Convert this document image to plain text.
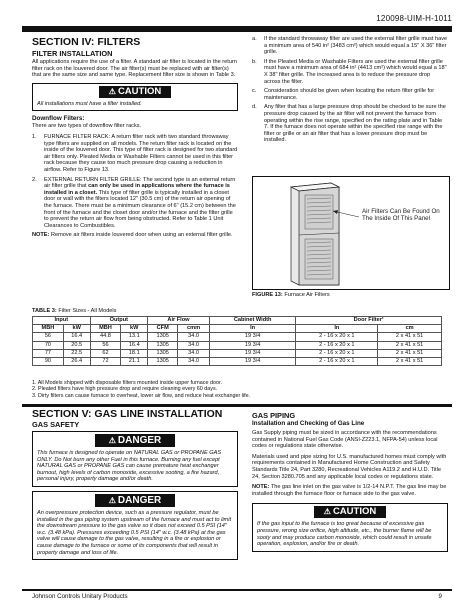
120098-UIM-H-1011
SECTION IV: FILTERS
FILTER INSTALLATION

All applications require the use of a filter. A standard air filter is located in the return filter rack on the louvered door. The air filter(s) must be replaced with air filter(s) that are the same size and same type. Replacement filter size is shown in Table 3.

⚠ CAUTION
All installations must have a filter installed.
Downflow Filters:

There are two types of downflow filter racks.

1. FURNACE FILTER RACK: A return filter rack with two standard throwaway type filters are supplied on all models. The return filter rack is located on the inside of the louvered door. This type of filter rack is designed for two standard air filters only. Pleated Media or Washable Filters cannot be used in this filter rack because they cause too much pressure drop causing a reduction in airflow. Refer to Figure 13.
2. EXTERNAL RETURN FILTER GRILLE: The second type is an external return air filter grille that can only be used in applications where the furnace is installed in a closet. This type of filter grille is typically installed in a closet door or wall with the filters located 12" (30.5 cm) of the return air opening of the furnace. There must be a minimum clearance of 6" (15.2 cm) between the front of the furnace and the closet door and/or the furnace and the filter grille to prevent the return air flow from being obstructed. Refer to Table 1 Unit Clearances to Combustibles.

NOTE: Remove air filters inside louvered door when using an external filter grille.

a. If the standard throwaway filter are used the external filter grille must have a minimum area of 540 in² (3483 cm²) which would equal a 15" X 36" filter grille.
b. If the Pleated Media or Washable Filters are used the external filter grille must have a minimum area of 684 in² (4413 cm²) which would equal a 18" X 38" filter grille. The increased area is to reduce the pressure drop across the filter.
c. Consideration should be given when locating the return filter grille for maintenance.
d. Any filter that has a large pressure drop should be checked to be sure the pressure drop caused by the air filter will not prevent the furnace from operating within the rise range, specified on the rating plate and in Table 7. If the furnace does not operate within the specified rise range with the filter or grille or an air filter that has a lower pressure drop must be installed.
Air Filters Can Be Found On The Inside Of This Panel
FIGURE 13: Furnace Air Filters
TABLE 3: Filter Sizes - All Models
Input		Output		Air Flow		Cabinet Width	Door Filter¹	
MBH	kW	MBH	kW	CFM	cmm	In	In	cm
56	16.4	44.8	13.1	1305	34.0	19 3/4	2 - 16 x 20 x 1	2 x 41 x 51
70	20.5	56	16.4	1305	34.0	19 3/4	2 - 16 x 20 x 1	2 x 41 x 51
77	22.5	62	18.1	1305	34.0	19 3/4	2 - 16 x 20 x 1	2 x 41 x 51
90	26.4	72	21.1	1305	34.0	19 3/4	2 - 16 x 20 x 1	2 x 41 x 51
1. All Models shipped with disposable filters mounted inside upper furnace door.
2. Pleated filters have high pressure drop and require cleaning every 60 days.
3. Dirty filters can cause furnace to overheat, lower air flow, and reduce heat exchanger life.
SECTION V: GAS LINE INSTALLATION
GAS SAFETY
⚠ DANGER
This furnace is designed to operate on NATURAL GAS or PROPANE GAS ONLY. Do Not burn any other Fuel in this furnace. Burning any fuel except NATURAL GAS or PROPANE GAS can cause premature heat exchanger burnout, high levels of carbon monoxide, excessive sooting, a fire hazard, personal injury, property damage and/or death.
⚠ DANGER
An overpressure protection device, such as a pressure regulator, must be installed in the gas piping system upstream of the furnace and must act to limit the downstream pressure to the gas valve so it does not exceed 0.5 PSI (14" w.c. (3.48 kPa). Pressures exceeding 0.5 PSI (14" w.c. (3.48 kPa) at the gas valve will cause damage to the gas valve, resulting in a fire or explosion or cause damage to the furnace or some of its components that will result in property damage and loss of life.
GAS PIPING
Installation and Checking of Gas Line

Gas Supply piping must be sized in accordance with the recommendations contained in National Fuel Gas Code (ANSI-Z223.1, NFPA-54) unless local codes or regulations state otherwise.

Materials used and pipe sizing for U.S. manufactured homes must comply with requirements contained in Manufactured Home Construction and Safety Standards Title 24, Part 3280, Recreational Vehicles A119.2 and H.U.D. Title 24, Section 3280.705 and any applicable local codes or regulations state.

NOTE: The gas line inlet on the gas valve is 1/2-14 N.P.T. The gas line may be installed through the furnace floor or furnace side to the gas valve.

⚠ CAUTION
If the gas input to the furnace is too great because of excessive gas pressure, wrong size orifice, high altitude, etc., the burner flame will be sooty and may produce carbon monoxide, which could result in unsafe operation, explosion, and/or fire or death.
Johnson Controls Unitary Products	9
